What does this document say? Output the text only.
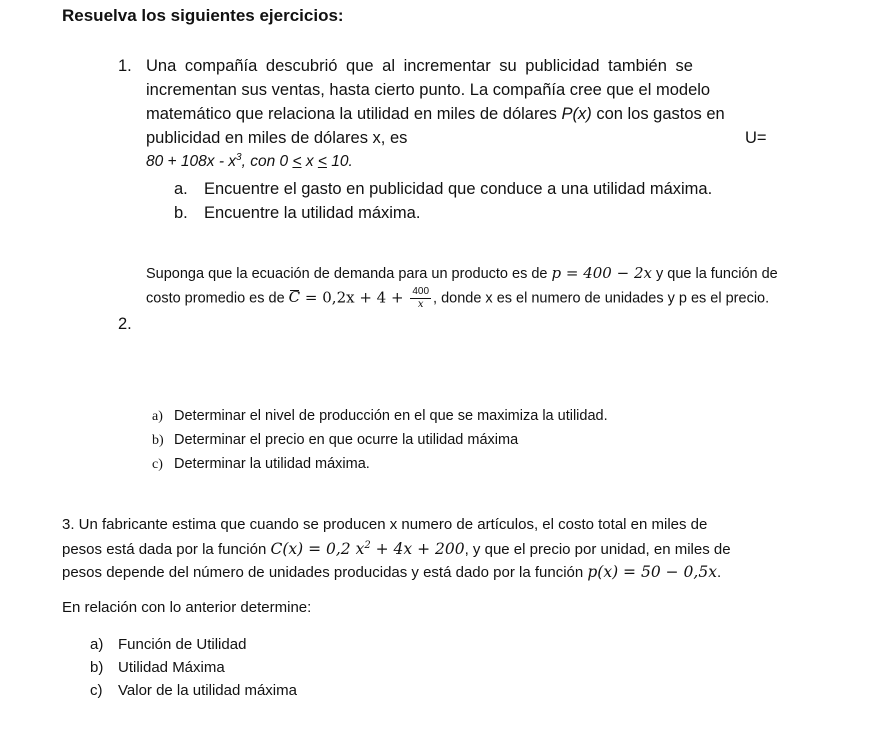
Resuelva los siguientes ejercicios:
1. Una compañía descubrió que al incrementar su publicidad también se
incrementan sus ventas, hasta cierto punto. La compañía cree que el modelo
matemático que relaciona la utilidad en miles de dólares P(x) con los gastos en
publicidad en miles de dólares x, es	U=
$80 + 108x - x^3$, con 0 ≤ x ≤ 10.
a. Encuentre el gasto en publicidad que conduce a una utilidad máxima.
b. Encuentre la utilidad máxima.
Suponga que la ecuación de demanda para un producto es de p = 400 − 2x y que la función de
costo promedio es de $C = 0,2x + 4 + \frac{400}{x}$ , donde x es el numero de unidades y p es el precio.
2.
a) Determinar el nivel de producción en el que se maximiza la utilidad.
b) Determinar el precio en que ocurre la utilidad máxima
c) Determinar la utilidad máxima.
3. Un fabricante estima que cuando se producen x numero de artículos, el costo total en miles de
pesos está dada por la función C(x) = 0,2 $x^2 + 4x + 200$, y que el precio por unidad, en miles de
pesos depende del número de unidades producidas y está dado por la función p(x) = 50 − 0,5x.
En relación con lo anterior determine:
a) Función de Utilidad
b) Utilidad Máxima
c) Valor de la utilidad máxima
